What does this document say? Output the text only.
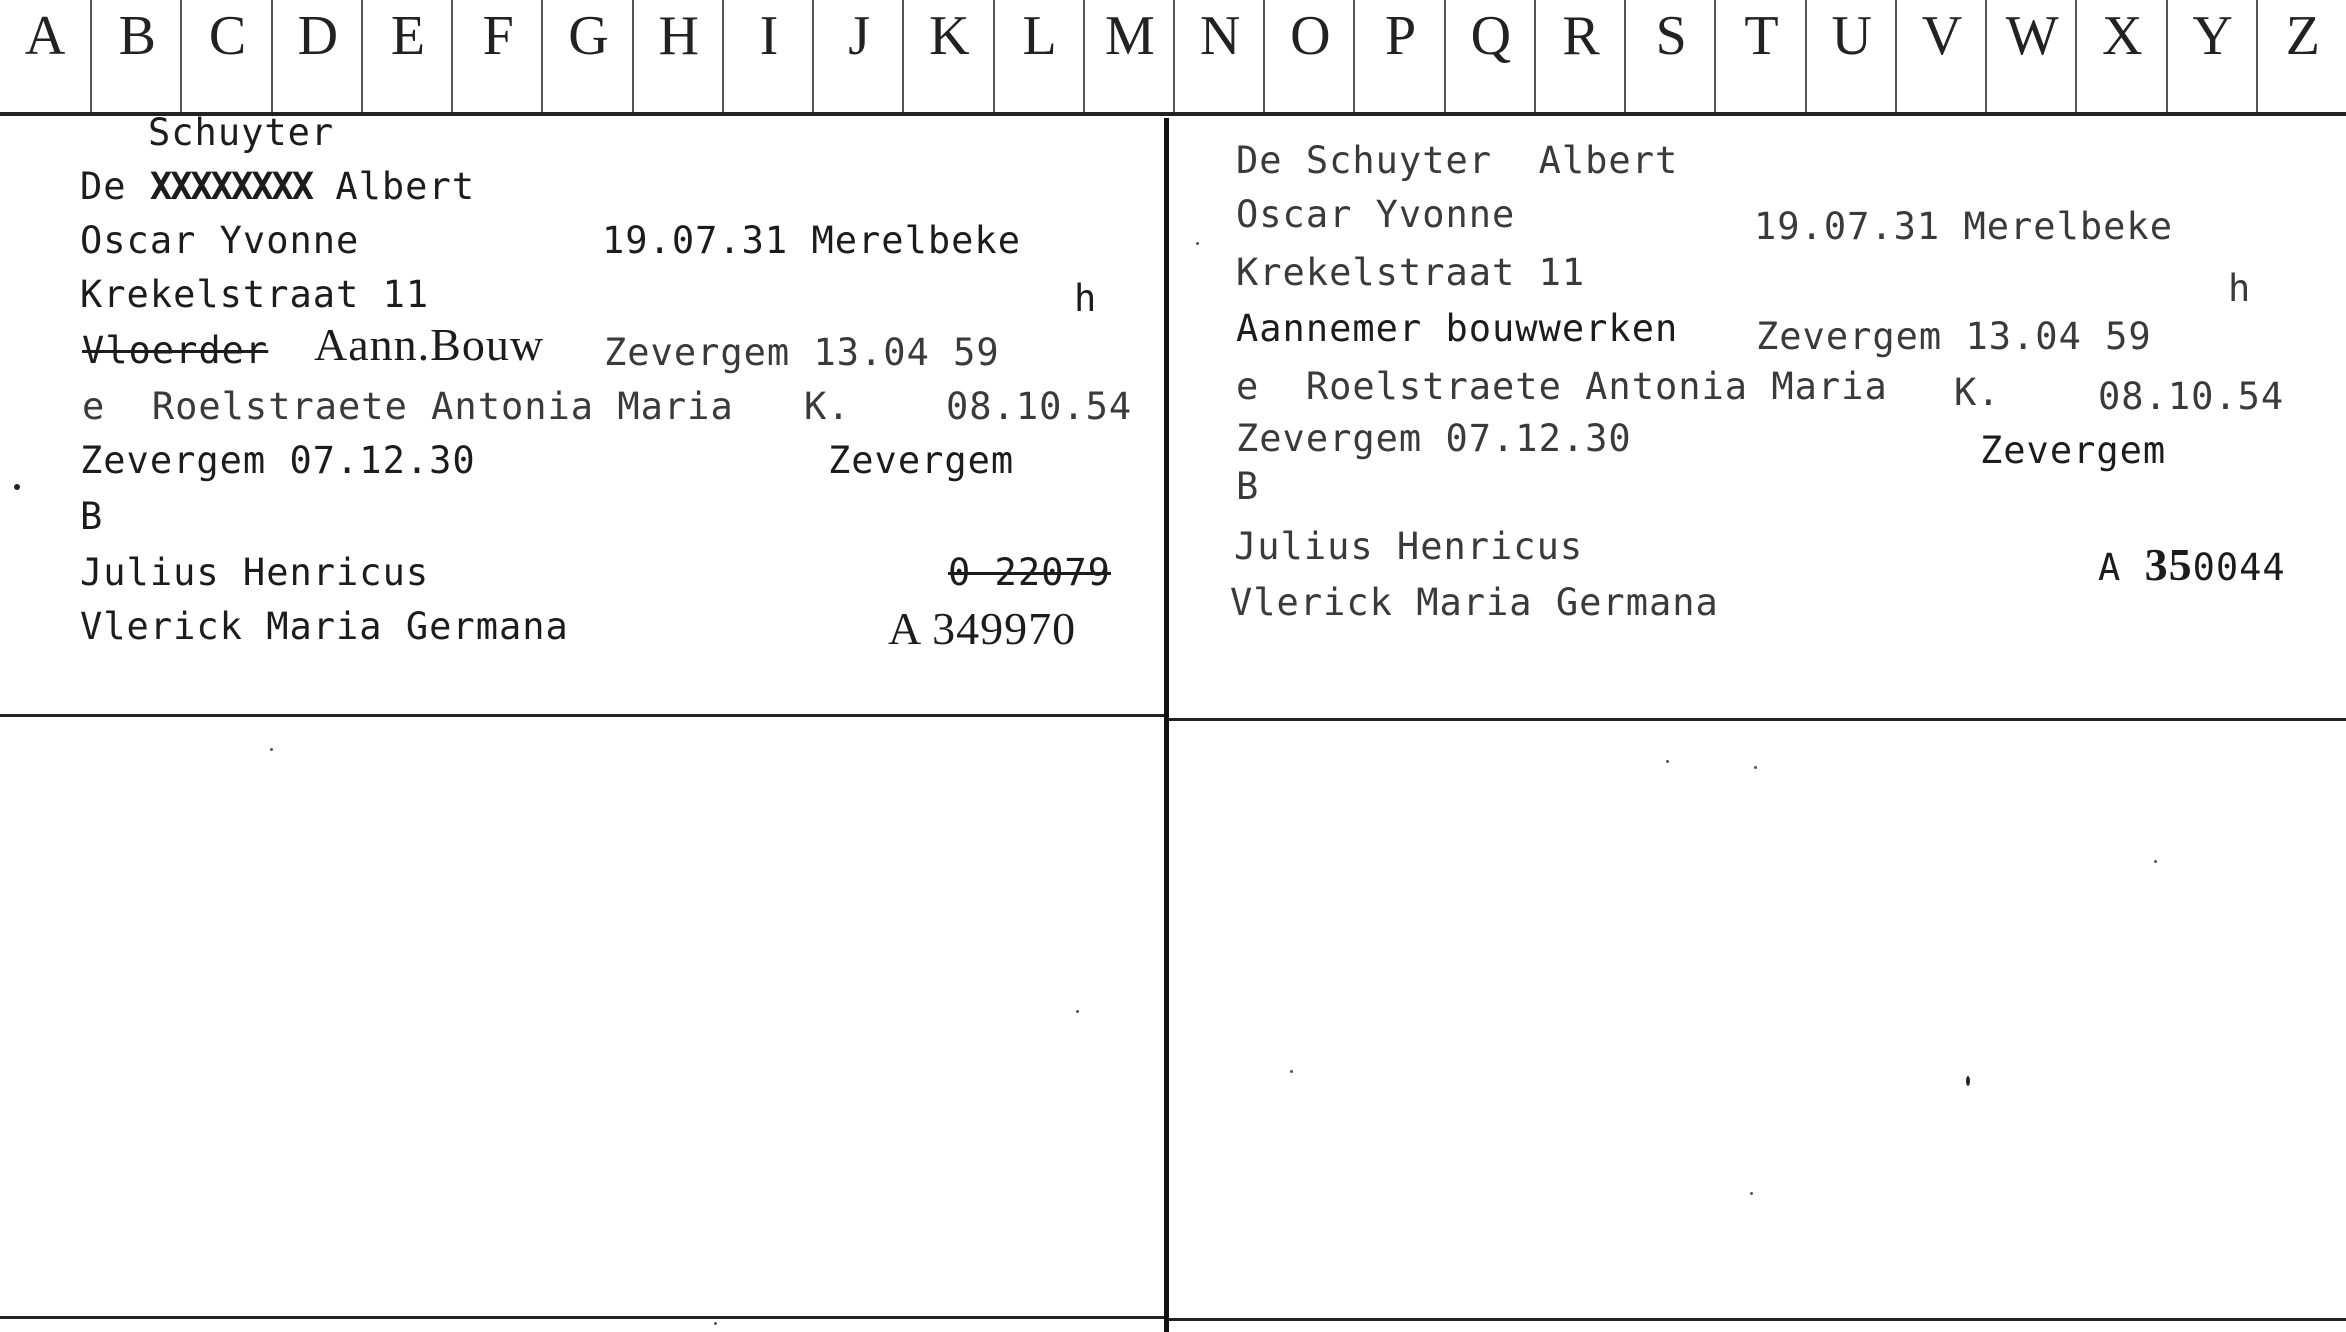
A B C D E	F G H	I	J	K L M N O P Q R S	T U V W X Y Z
Schuyter
De XXXXXXXX Albert
Oscar Yvonne	19.07.31 Merelbeke
Krekelstraat 11	h
Vloerder Aann.Bouw Zevergem 13.04 59
e  Roelstraete Antonia Maria K.	08.10.54
Zevergem 07.12.30	Zevergem
B
Julius Henricus	0 22079
Vlerick Maria Germana	A 349970
De Schuyter  Albert
Oscar Yvonne	19.07.31 Merelbeke
Krekelstraat 11	h
Aannemer bouwwerken Zevergem 13.04 59
e  Roelstraete Antonia Maria K.	08.10.54
Zevergem 07.12.30	Zevergem
B
Julius Henricus	A 350044
Vlerick Maria Germana
